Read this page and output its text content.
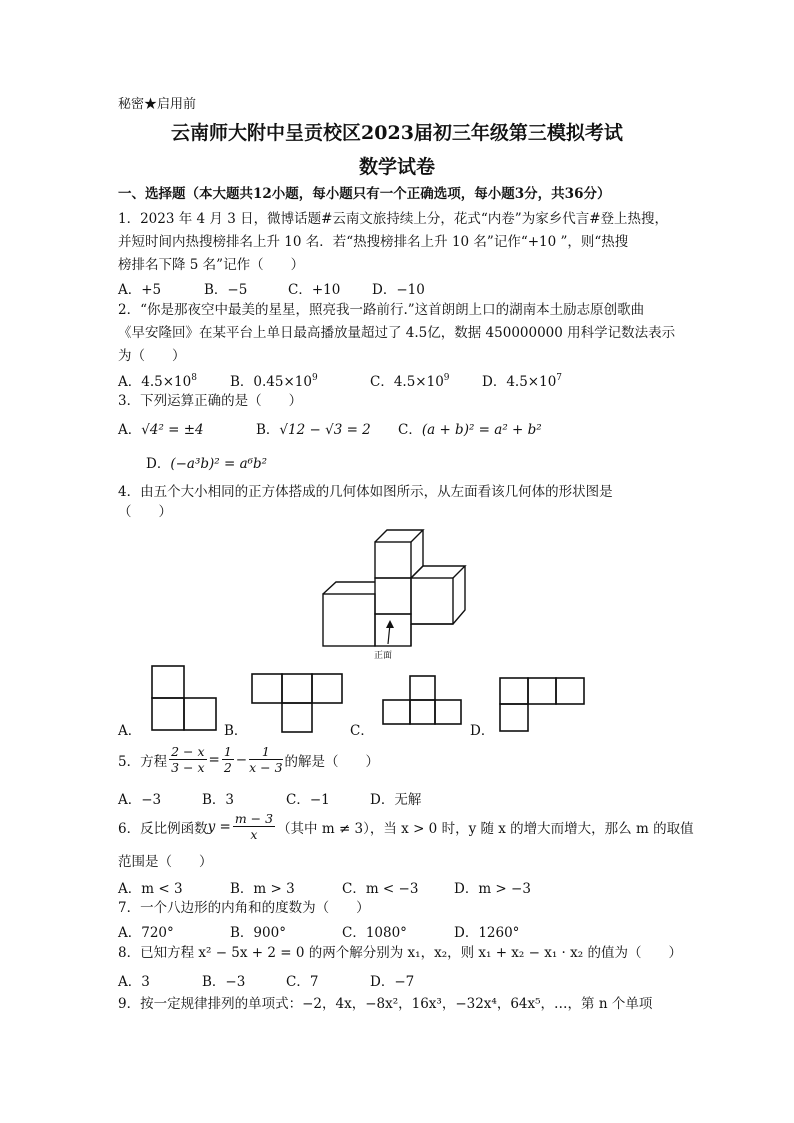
秘密★启用前
云南师大附中呈贡校区2023届初三年级第三模拟考试
数学试卷
一、选择题（本大题共12小题，每小题只有一个正确选项，每小题3分，共36分）
1．2023 年 4 月 3 日，微博话题#云南文旅持续上分，花式“内卷”为家乡代言#登上热搜，
并短时间内热搜榜排名上升 10 名．若“热搜榜排名上升 10 名”记作“+10 ”，则“热搜
榜排名下降 5 名”记作（　　）
A．+5	B．−5	C．+10 D．−10
2．“你是那夜空中最美的星星，照亮我一路前行.”这首朗朗上口的湖南本土励志原创歌曲
《早安隆回》在某平台上单日最高播放量超过了 4.5亿，数据 450000000 用科学记数法表示
为（　　）
A．$4.5\times 10^8$ B．$0.45\times 10^9$	C．$4.5\times 10^9$ D．$4.5\times 10^7$
3．下列运算正确的是（　　）
A．√4² = ±4	B．√12 − √3 = 2 C．(a + b)² = a² + b²
D．(−a³b)² = a⁶b²
4．由五个大小相同的正方体搭成的几何体如图所示，从左面看该几何体的形状图是
（　　）
正面
A．	B．	C．	D．
5．方程 $\frac{2 - x}{3 - x} = \frac{1}{2} - \frac{1}{x - 3}$ 的解是（　　）
A．−3	B．3	C．−1	D．无解
6．反比例函数 $y = \frac{m - 3}{x}$ （其中 m ≠ 3），当 x > 0 时，y 随 x 的增大而增大，那么 m 的取值
范围是（　　）
A．m < 3	B．m > 3	C．m < −3	D．m > −3
7．一个八边形的内角和的度数为（　　）
A．720°	B．900°	C．1080°	D．1260°
8．已知方程 x² − 5x + 2 = 0 的两个解分别为 x₁，x₂，则 x₁ + x₂ − x₁ · x₂ 的值为（　　）
A．3	B．−3	C．7	D．−7
9．按一定规律排列的单项式：−2，4x，−8x²，16x³，−32x⁴，64x⁵，…，第 n 个单项
